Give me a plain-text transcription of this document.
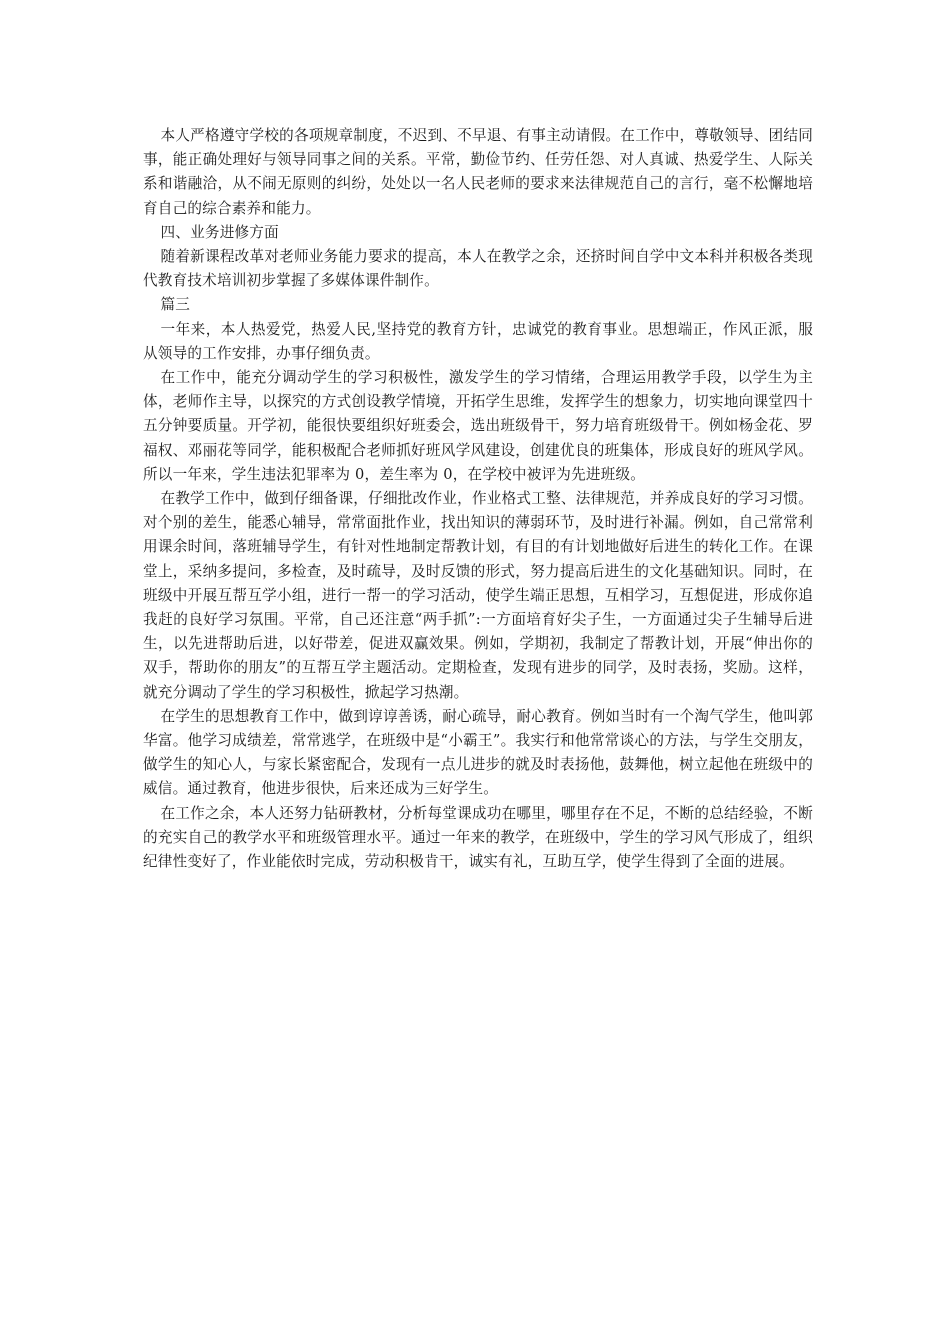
本人严格遵守学校的各项规章制度，不迟到、不早退、有事主动请假。在工作中，尊敬领导、团结同事，能正确处理好与领导同事之间的关系。平常，勤俭节约、任劳任怨、对人真诚、热爱学生、人际关系和谐融洽，从不闹无原则的纠纷，处处以一名人民老师的要求来法律规范自己的言行，毫不松懈地培育自己的综合素养和能力。

四、业务进修方面

随着新课程改革对老师业务能力要求的提高，本人在教学之余，还挤时间自学中文本科并积极各类现代教育技术培训初步掌握了多媒体课件制作。

篇三

一年来，本人热爱党，热爱人民,坚持党的教育方针，忠诚党的教育事业。思想端正，作风正派，服从领导的工作安排，办事仔细负责。

在工作中，能充分调动学生的学习积极性，激发学生的学习情绪，合理运用教学手段，以学生为主体，老师作主导，以探究的方式创设教学情境，开拓学生思维，发挥学生的想象力，切实地向课堂四十五分钟要质量。开学初，能很快要组织好班委会，选出班级骨干，努力培育班级骨干。例如杨金花、罗福权、邓丽花等同学，能积极配合老师抓好班风学风建设，创建优良的班集体，形成良好的班风学风。所以一年来，学生违法犯罪率为 0，差生率为 0，在学校中被评为先进班级。

在教学工作中，做到仔细备课，仔细批改作业，作业格式工整、法律规范，并养成良好的学习习惯。对个别的差生，能悉心辅导，常常面批作业，找出知识的薄弱环节，及时进行补漏。例如，自己常常利用课余时间，落班辅导学生，有针对性地制定帮教计划，有目的有计划地做好后进生的转化工作。在课堂上，采纳多提问，多检查，及时疏导，及时反馈的形式，努力提高后进生的文化基础知识。同时，在班级中开展互帮互学小组，进行一帮一的学习活动，使学生端正思想，互相学习，互想促进，形成你追我赶的良好学习氛围。平常，自己还注意“两手抓”:一方面培育好尖子生，一方面通过尖子生辅导后进生，以先进帮助后进，以好带差，促进双赢效果。例如，学期初，我制定了帮教计划，开展“伸出你的双手，帮助你的朋友”的互帮互学主题活动。定期检查，发现有进步的同学，及时表扬，奖励。这样，就充分调动了学生的学习积极性，掀起学习热潮。

在学生的思想教育工作中，做到谆谆善诱，耐心疏导，耐心教育。例如当时有一个淘气学生，他叫郭华富。他学习成绩差，常常逃学，在班级中是“小霸王”。我实行和他常常谈心的方法，与学生交朋友，做学生的知心人，与家长紧密配合，发现有一点儿进步的就及时表扬他，鼓舞他，树立起他在班级中的威信。通过教育，他进步很快，后来还成为三好学生。

在工作之余，本人还努力钻研教材，分析每堂课成功在哪里，哪里存在不足，不断的总结经验，不断的充实自己的教学水平和班级管理水平。通过一年来的教学，在班级中，学生的学习风气形成了，组织纪律性变好了，作业能依时完成，劳动积极肯干，诚实有礼，互助互学，使学生得到了全面的进展。
